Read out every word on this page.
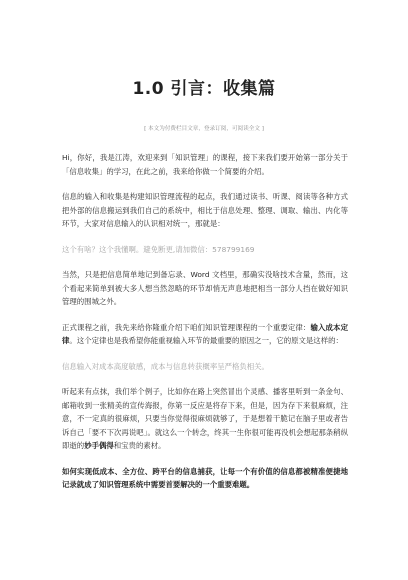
1.0 引言：收集篇
[ 本文为付费栏目文章，登录订阅，可阅读全文 ]

Hi，你好，我是江涛，欢迎来到「知识管理」的课程，接下来我们要开始第一部分关于「信息收集」的学习，在此之前，我来给你做一个简要的介绍。

信息的输入和收集是构建知识管理流程的起点，我们通过读书、听课、阅读等各种方式把外部的信息搬运到我们自己的系统中，相比于信息处理、整理、调取、输出、内化等环节，大家对信息输入的认识相对统一，那就是：

这个有啥？这个我懂啊。避免断更,请加微信：578799169

当然，只是把信息简单地记到备忘录、Word 文档里，那确实没啥技术含量，然而，这个看起来简单到被大多人想当然忽略的环节却悄无声息地把相当一部分人挡在做好知识管理的围城之外。

正式课程之前，我先来给你隆重介绍下咱们知识管理课程的一个重要定律：输入成本定律。这个定律也是我希望你能重视输入环节的最重要的原因之一，它的原文是这样的：

信息输入对成本高度敏感，成本与信息转获概率呈严格负相关。

听起来有点抹，我们举个例子，比如你在路上突然冒出个灵感、播客里听到一条金句、邮箱收到一张精美的宣传海报，你第一反应是将存下来，但是，因为存下来很麻烦，注意，不一定真的很麻烦，只要当你觉得很麻烦就够了，于是想着干脆记在脑子里或者告诉自己「要不下次再说吧」。就这么一个转念，终其一生你很可能再没机会想起那条稍纵即逝的妙手偶得和宝贵的素材。

如何实现低成本、全方位、跨平台的信息捕获，让每一个有价值的信息都被精准便捷地记录就成了知识管理系统中需要首要解决的一个重要难题。
